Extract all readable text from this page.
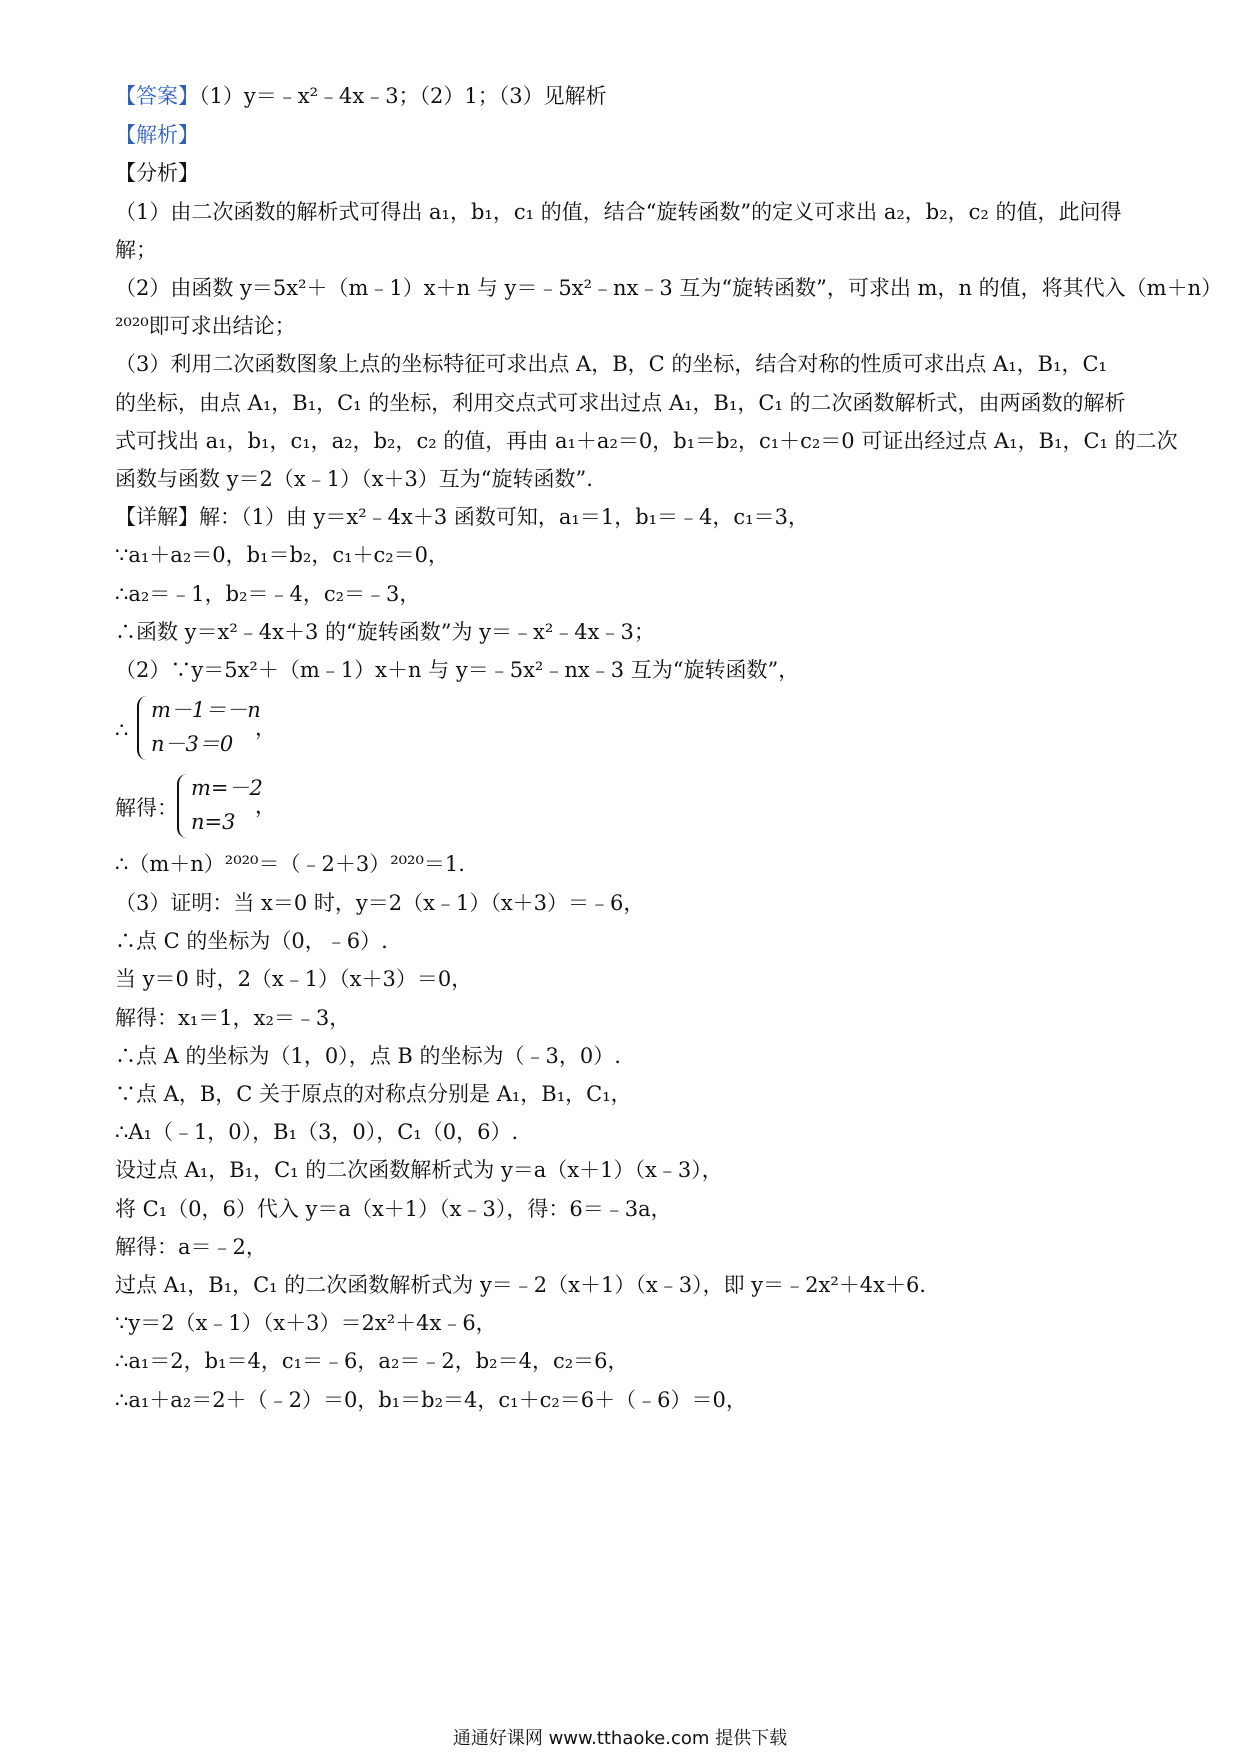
【答案】（1）y＝﹣x²﹣4x﹣3；（2）1；（3）见解析
【解析】
【分析】
（1）由二次函数的解析式可得出 a₁，b₁，c₁ 的值，结合“旋转函数”的定义可求出 a₂，b₂，c₂ 的值，此问得
解；
（2）由函数 y＝5x²＋（m﹣1）x＋n 与 y＝﹣5x²﹣nx﹣3 互为“旋转函数”，可求出 m，n 的值，将其代入（m＋n）
²⁰²⁰即可求出结论；
（3）利用二次函数图象上点的坐标特征可求出点 A，B，C 的坐标，结合对称的性质可求出点 A₁，B₁，C₁
的坐标，由点 A₁，B₁，C₁ 的坐标，利用交点式可求出过点 A₁，B₁，C₁ 的二次函数解析式，由两函数的解析
式可找出 a₁，b₁，c₁，a₂，b₂，c₂ 的值，再由 a₁＋a₂＝0，b₁＝b₂，c₁＋c₂＝0 可证出经过点 A₁，B₁，C₁ 的二次
函数与函数 y＝2（x﹣1）（x＋3）互为“旋转函数”.
【详解】解：（1）由 y＝x²﹣4x＋3 函数可知，a₁＝1，b₁＝﹣4，c₁＝3，
∵a₁＋a₂＝0，b₁＝b₂，c₁＋c₂＝0，
∴a₂＝﹣1，b₂＝﹣4，c₂＝﹣3，
∴函数 y＝x²﹣4x＋3 的“旋转函数”为 y＝﹣x²﹣4x﹣3；
（2）∵y＝5x²＋（m﹣1）x＋n 与 y＝﹣5x²﹣nx﹣3 互为“旋转函数”，
∴
m－1＝－n
n－3＝0
，
解得：
m=－2
n=3
，
∴（m＋n）²⁰²⁰＝（﹣2＋3）²⁰²⁰＝1.
（3）证明：当 x＝0 时，y＝2（x﹣1）（x＋3）＝﹣6，
∴点 C 的坐标为（0，﹣6）.
当 y＝0 时，2（x﹣1）（x＋3）＝0，
解得：x₁＝1，x₂＝﹣3，
∴点 A 的坐标为（1，0），点 B 的坐标为（﹣3，0）.
∵点 A，B，C 关于原点的对称点分别是 A₁，B₁，C₁，
∴A₁（﹣1，0），B₁（3，0），C₁（0，6）.
设过点 A₁，B₁，C₁ 的二次函数解析式为 y＝a（x＋1）（x﹣3），
将 C₁（0，6）代入 y＝a（x＋1）（x﹣3），得：6＝﹣3a，
解得：a＝﹣2，
过点 A₁，B₁，C₁ 的二次函数解析式为 y＝﹣2（x＋1）（x﹣3），即 y＝﹣2x²＋4x＋6.
∵y＝2（x﹣1）（x＋3）＝2x²＋4x﹣6，
∴a₁＝2，b₁＝4，c₁＝﹣6，a₂＝﹣2，b₂＝4，c₂＝6，
∴a₁＋a₂＝2＋（﹣2）＝0，b₁＝b₂＝4，c₁＋c₂＝6＋（﹣6）＝0，
通通好课网 www.tthaoke.com 提供下载
